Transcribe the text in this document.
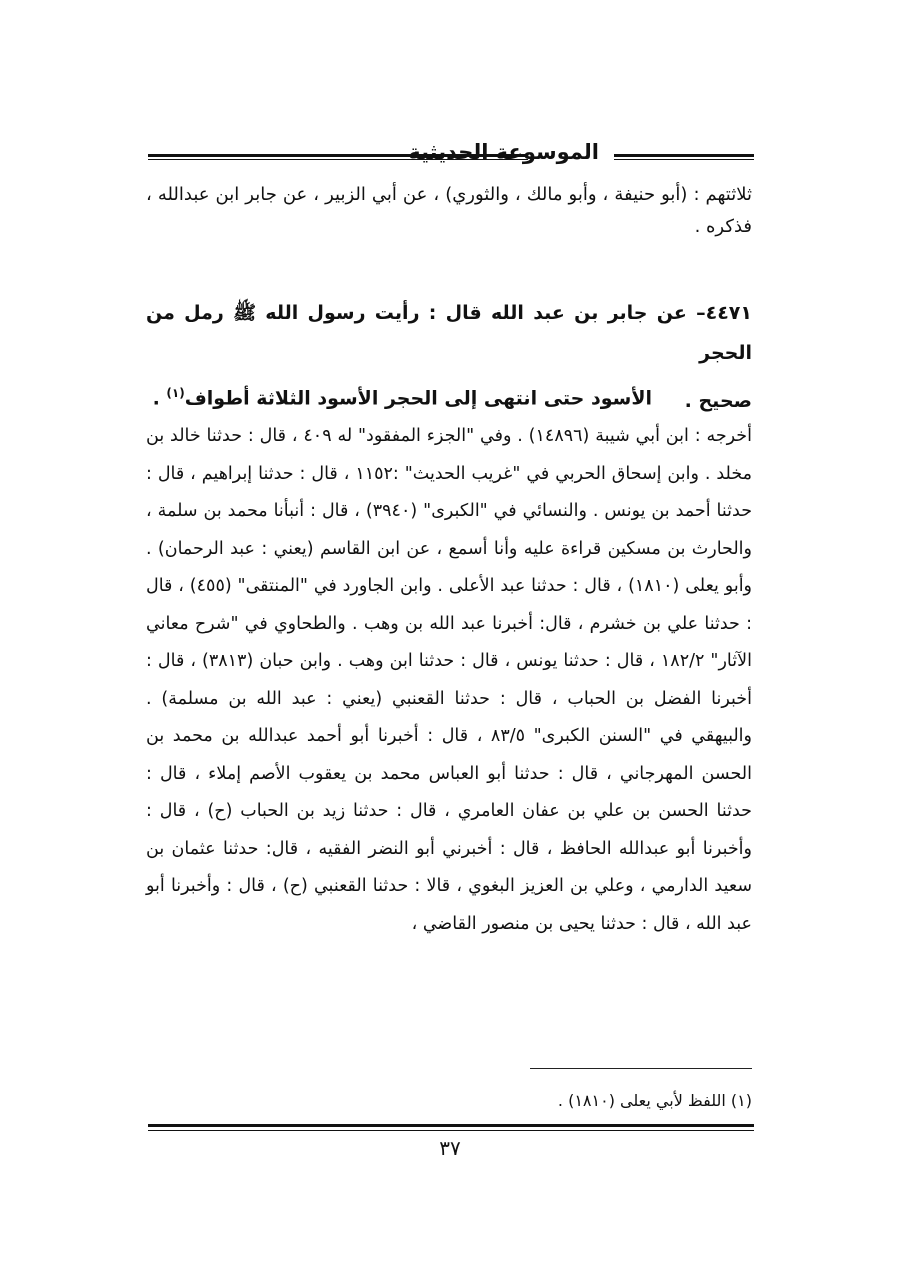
الموسوعة الحديثية
ثلاثتهم : (أبو حنيفة ، وأبو مالك ، والثوري) ، عن أبي الزبير ، عن جابر ابن عبدالله ، فذكره .
٤٤٧١– عن جابر بن عبد الله قال : رأيت رسول الله ﷺ رمل من الحجر
الأسود حتى انتهى إلى الحجر الأسود الثلاثة أطواف$^{(١)}$ .	صحيح .
أخرجه : ابن أبي شيبة (١٤٨٩٦) . وفي "الجزء المفقود" له ٤٠٩ ، قال : حدثنا خالد بن مخلد . وابن إسحاق الحربي في "غريب الحديث" :١١٥٢ ، قال : حدثنا إبراهيم ، قال : حدثنا أحمد بن يونس . والنسائي في "الكبرى" (٣٩٤٠) ، قال : أنبأنا محمد بن سلمة ، والحارث بن مسكين قراءة عليه وأنا أسمع ، عن ابن القاسم (يعني : عبد الرحمان) . وأبو يعلى (١٨١٠) ، قال : حدثنا عبد الأعلى . وابن الجاورد في "المنتقى" (٤٥٥) ، قال : حدثنا علي بن خشرم ، قال: أخبرنا عبد الله بن وهب . والطحاوي في "شرح معاني الآثار" ١٨٢/٢ ، قال : حدثنا يونس ، قال : حدثنا ابن وهب . وابن حبان (٣٨١٣) ، قال : أخبرنا الفضل بن الحباب ، قال : حدثنا القعنبي (يعني : عبد الله بن مسلمة) . والبيهقي في "السنن الكبرى" ٨٣/٥ ، قال : أخبرنا أبو أحمد عبدالله بن محمد بن الحسن المهرجاني ، قال : حدثنا أبو العباس محمد بن يعقوب الأصم إملاء ، قال : حدثنا الحسن بن علي بن عفان العامري ، قال : حدثنا زيد بن الحباب (ح) ، قال : وأخبرنا أبو عبدالله الحافظ ، قال : أخبرني أبو النضر الفقيه ، قال: حدثنا عثمان بن سعيد الدارمي ، وعلي بن العزيز البغوي ، قالا : حدثنا القعنبي (ح) ، قال : وأخبرنا أبو عبد الله ، قال : حدثنا يحيى بن منصور القاضي ،
(١) اللفظ لأبي يعلى (١٨١٠) .
٣٧
